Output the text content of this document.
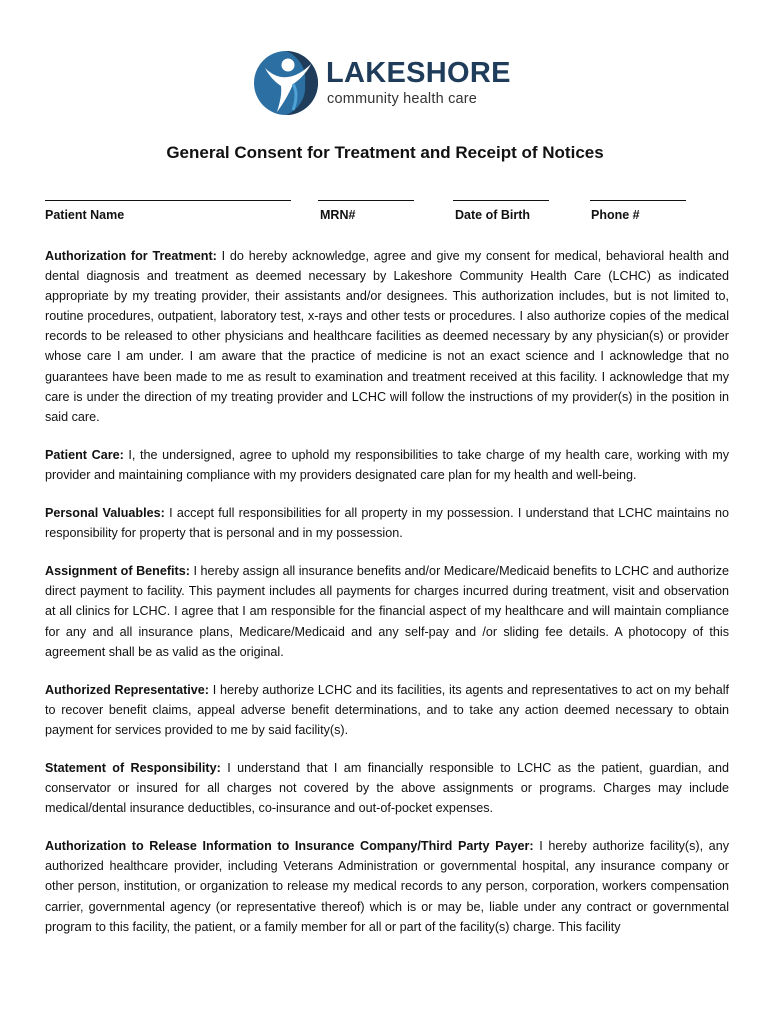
LAKESHORE
community health care
General Consent for Treatment and Receipt of Notices
Patient Name	MRN#	Date of Birth	Phone #

Authorization for Treatment: I do hereby acknowledge, agree and give my consent for medical, behavioral health and dental diagnosis and treatment as deemed necessary by Lakeshore Community Health Care (LCHC) as indicated appropriate by my treating provider, their assistants and/or designees. This authorization includes, but is not limited to, routine procedures, outpatient, laboratory test, x-rays and other tests or procedures. I also authorize copies of the medical records to be released to other physicians and healthcare facilities as deemed necessary by any physician(s) or provider whose care I am under. I am aware that the practice of medicine is not an exact science and I acknowledge that no guarantees have been made to me as result to examination and treatment received at this facility. I acknowledge that my care is under the direction of my treating provider and LCHC will follow the instructions of my provider(s) in the position in said care.

Patient Care: I, the undersigned, agree to uphold my responsibilities to take charge of my health care, working with my provider and maintaining compliance with my providers designated care plan for my health and well-being.

Personal Valuables: I accept full responsibilities for all property in my possession. I understand that LCHC maintains no responsibility for property that is personal and in my possession.

Assignment of Benefits: I hereby assign all insurance benefits and/or Medicare/Medicaid benefits to LCHC and authorize direct payment to facility. This payment includes all payments for charges incurred during treatment, visit and observation at all clinics for LCHC. I agree that I am responsible for the financial aspect of my healthcare and will maintain compliance for any and all insurance plans, Medicare/Medicaid and any self-pay and /or sliding fee details. A photocopy of this agreement shall be as valid as the original.

Authorized Representative: I hereby authorize LCHC and its facilities, its agents and representatives to act on my behalf to recover benefit claims, appeal adverse benefit determinations, and to take any action deemed necessary to obtain payment for services provided to me by said facility(s).

Statement of Responsibility: I understand that I am financially responsible to LCHC as the patient, guardian, and conservator or insured for all charges not covered by the above assignments or programs. Charges may include medical/dental insurance deductibles, co-insurance and out-of-pocket expenses.

Authorization to Release Information to Insurance Company/Third Party Payer: I hereby authorize facility(s), any authorized healthcare provider, including Veterans Administration or governmental hospital, any insurance company or other person, institution, or organization to release my medical records to any person, corporation, workers compensation carrier, governmental agency (or representative thereof) which is or may be, liable under any contract or governmental program to this facility, the patient, or a family member for all or part of the facility(s) charge. This facility
